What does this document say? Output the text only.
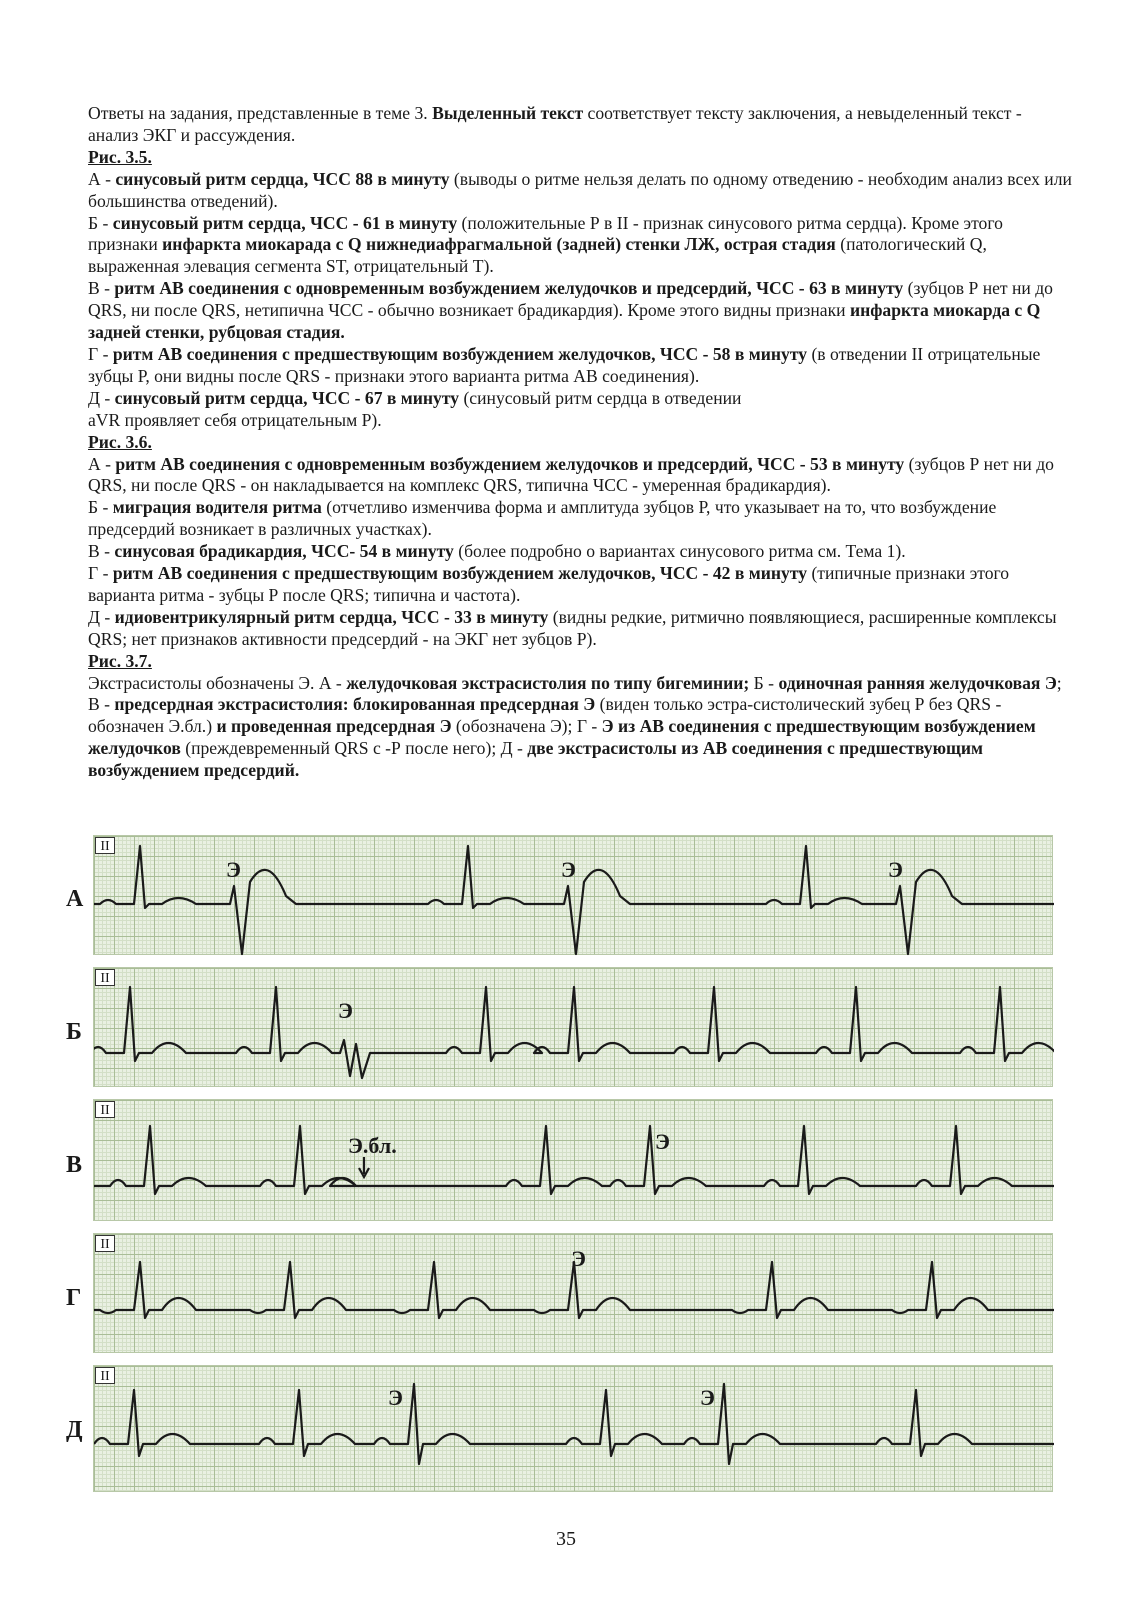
Ответы на задания, представленные в теме 3. Выделенный текст соответствует тексту заключения, а невыделенный текст - анализ ЭКГ и рассуждения.

Рис. 3.5.

А - синусовый ритм сердца, ЧСС 88 в минуту (выводы о ритме нельзя делать по одному отведению - необходим анализ всех или большинства отведений).

Б - синусовый ритм сердца, ЧСС - 61 в минуту (положительные Р в II - признак синусового ритма сердца). Кроме этого признаки инфаркта миокарада с Q нижнедиафрагмальной (задней) стенки ЛЖ, острая стадия (патологический Q, выраженная элевация сегмента ST, отрицательный Т).

В - ритм АВ соединения с одновременным возбуждением желудочков и предсердий, ЧСС - 63 в минуту (зубцов Р нет ни до QRS, ни после QRS, нетипична ЧСС - обычно возникает брадикардия). Кроме этого видны признаки инфаркта миокарда с Q задней стенки, рубцовая стадия.

Г - ритм АВ соединения с предшествующим возбуждением желудочков, ЧСС - 58 в минуту (в отведении II отрицательные зубцы Р, они видны после QRS - признаки этого варианта ритма АВ соединения).

Д - синусовый ритм сердца, ЧСС - 67 в минуту (синусовый ритм сердца в отведении
aVR проявляет себя отрицательным Р).

Рис. 3.6.

А - ритм АВ соединения с одновременным возбуждением желудочков и предсердий, ЧСС - 53 в минуту (зубцов Р нет ни до QRS, ни после QRS - он накладывается на комплекс QRS, типична ЧСС - умеренная брадикардия).

Б - миграция водителя ритма (отчетливо изменчива форма и амплитуда зубцов Р, что указывает на то, что возбуждение предсердий возникает в различных участках).

В - синусовая брадикардия, ЧСС- 54 в минуту (более подробно о вариантах синусового ритма см. Тема 1).

Г - ритм АВ соединения с предшествующим возбуждением желудочков, ЧСС - 42 в минуту (типичные признаки этого варианта ритма - зубцы Р после QRS; типична и частота).

Д - идиовентрикулярный ритм сердца, ЧСС - 33 в минуту (видны редкие, ритмично появляющиеся, расширенные комплексы QRS; нет признаков активности предсердий - на ЭКГ нет зубцов Р).

Рис. 3.7.

Экстрасистолы обозначены Э. А - желудочковая экстрасистолия по типу бигеминии; Б - одиночная ранняя желудочковая Э; В - предсердная экстрасистолия: блокированная предсердная Э (виден только эстра-систолический зубец Р без QRS - обозначен Э.бл.) и проведенная предсердная Э (обозначена Э); Г - Э из АВ соединения с предшествующим возбуждением желудочков (преждевременный QRS с -Р после него); Д - две экстрасистолы из АВ соединения с предшествующим возбуждением предсердий.

А
II
Э	Э	Э
Б
II
Э
В
II
Э.бл.	Э
Г
II
Э
Д
II
Э	Э
35
